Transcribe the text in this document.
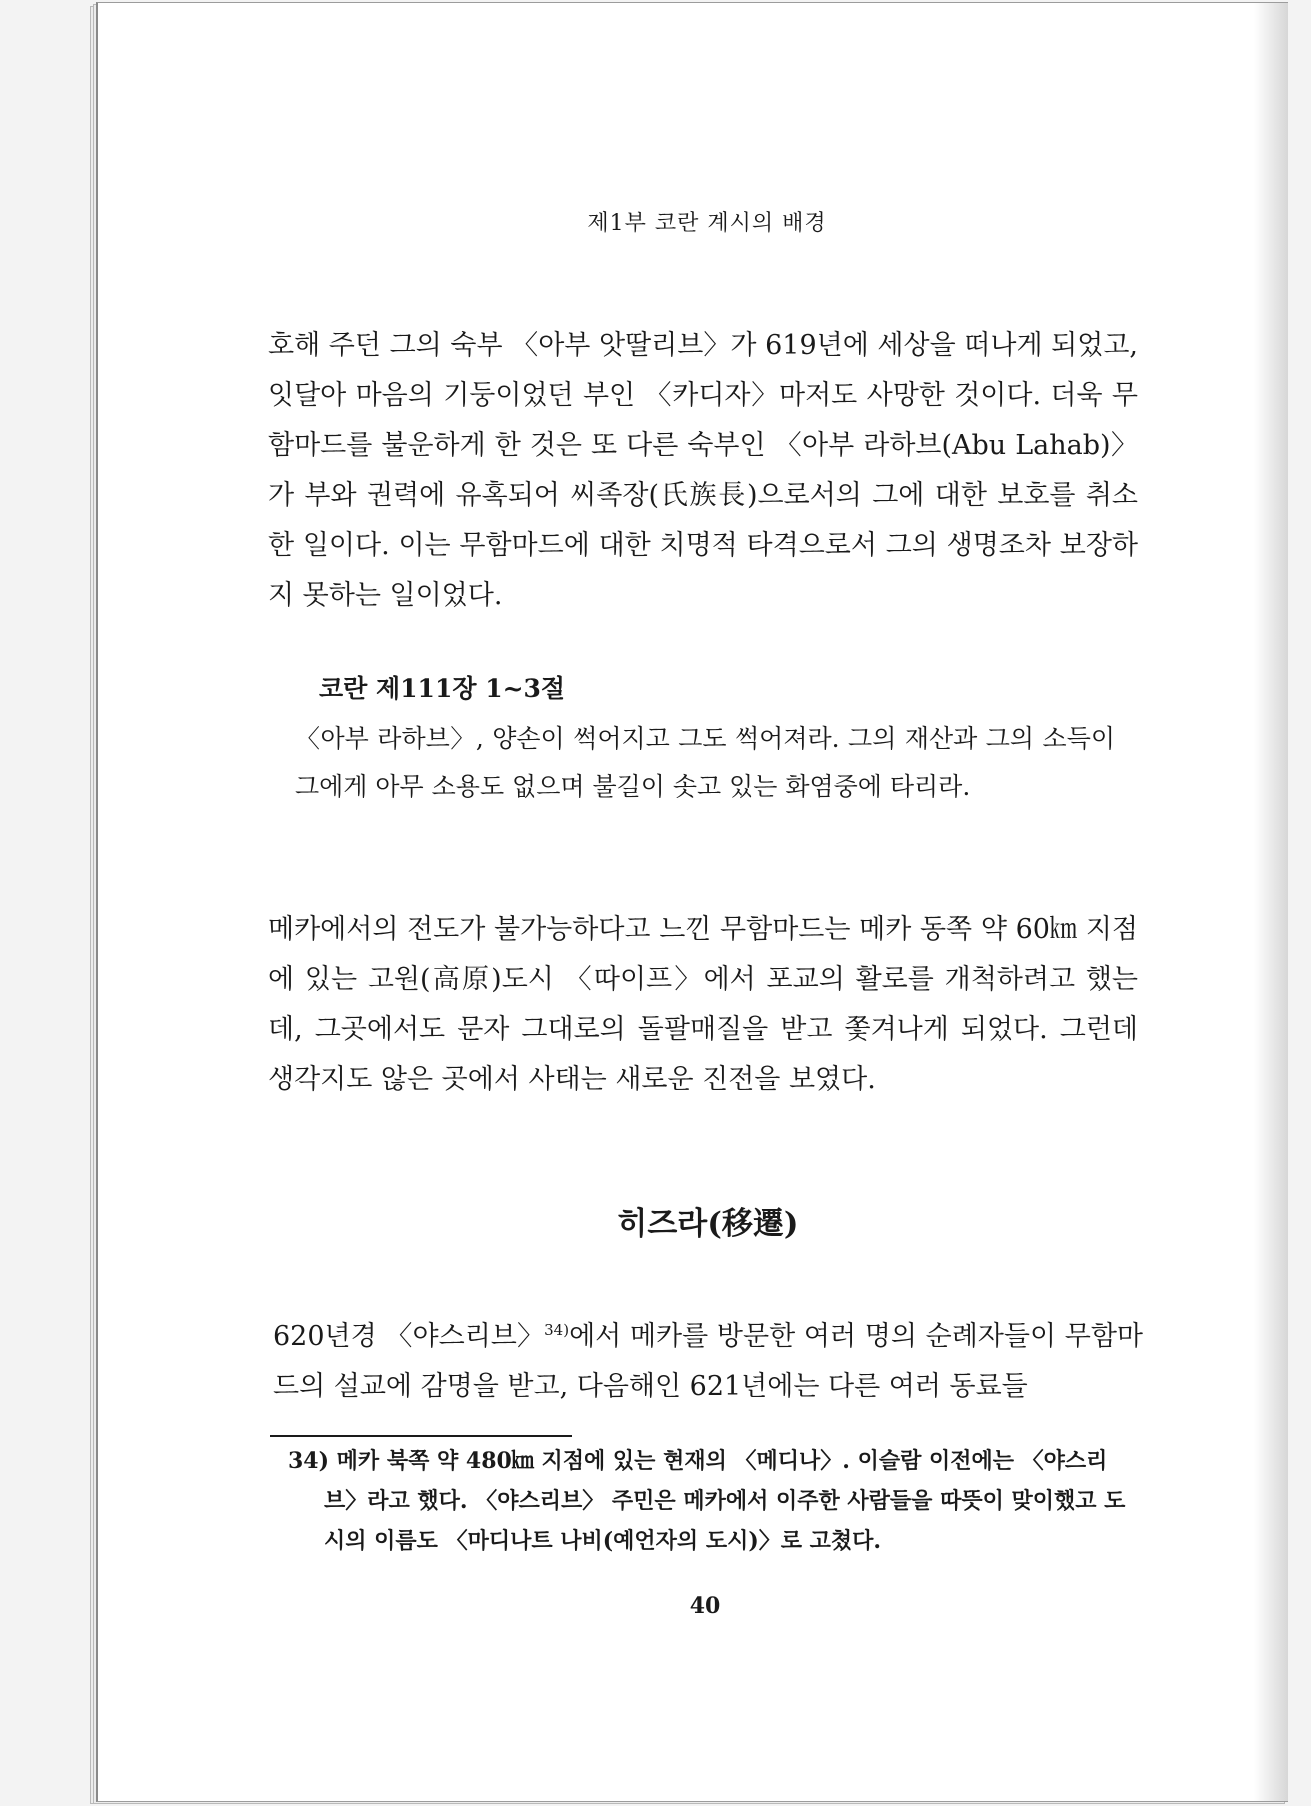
제1부 코란 계시의 배경
호해 주던 그의 숙부 〈아부 앗딸리브〉가 619년에 세상을 떠나게 되었고, 잇달아 마음의 기둥이었던 부인 〈카디자〉마저도 사망한 것이다. 더욱 무함마드를 불운하게 한 것은 또 다른 숙부인 〈아부 라하브(Abu Lahab)〉가 부와 권력에 유혹되어 씨족장(氏族長)으로서의 그에 대한 보호를 취소한 일이다. 이는 무함마드에 대한 치명적 타격으로서 그의 생명조차 보장하지 못하는 일이었다.
코란 제111장 1~3절
〈아부 라하브〉, 양손이 썩어지고 그도 썩어져라. 그의 재산과 그의 소득이 그에게 아무 소용도 없으며 불길이 솟고 있는 화염중에 타리라.
메카에서의 전도가 불가능하다고 느낀 무함마드는 메카 동쪽 약 60㎞ 지점에 있는 고원(高原)도시 〈따이프〉에서 포교의 활로를 개척하려고 했는데, 그곳에서도 문자 그대로의 돌팔매질을 받고 쫓겨나게 되었다. 그런데 생각지도 않은 곳에서 사태는 새로운 진전을 보였다.
히즈라(移遷)
620년경 〈야스리브〉$^{34)}$에서 메카를 방문한 여러 명의 순례자들이 무함마드의 설교에 감명을 받고, 다음해인 621년에는 다른 여러 동료들
34) 메카 북쪽 약 480㎞ 지점에 있는 현재의 〈메디나〉. 이슬람 이전에는 〈야스리브〉라고 했다. 〈야스리브〉 주민은 메카에서 이주한 사람들을 따뜻이 맞이했고 도시의 이름도 〈마디나트 나비(예언자의 도시)〉로 고쳤다.
40
